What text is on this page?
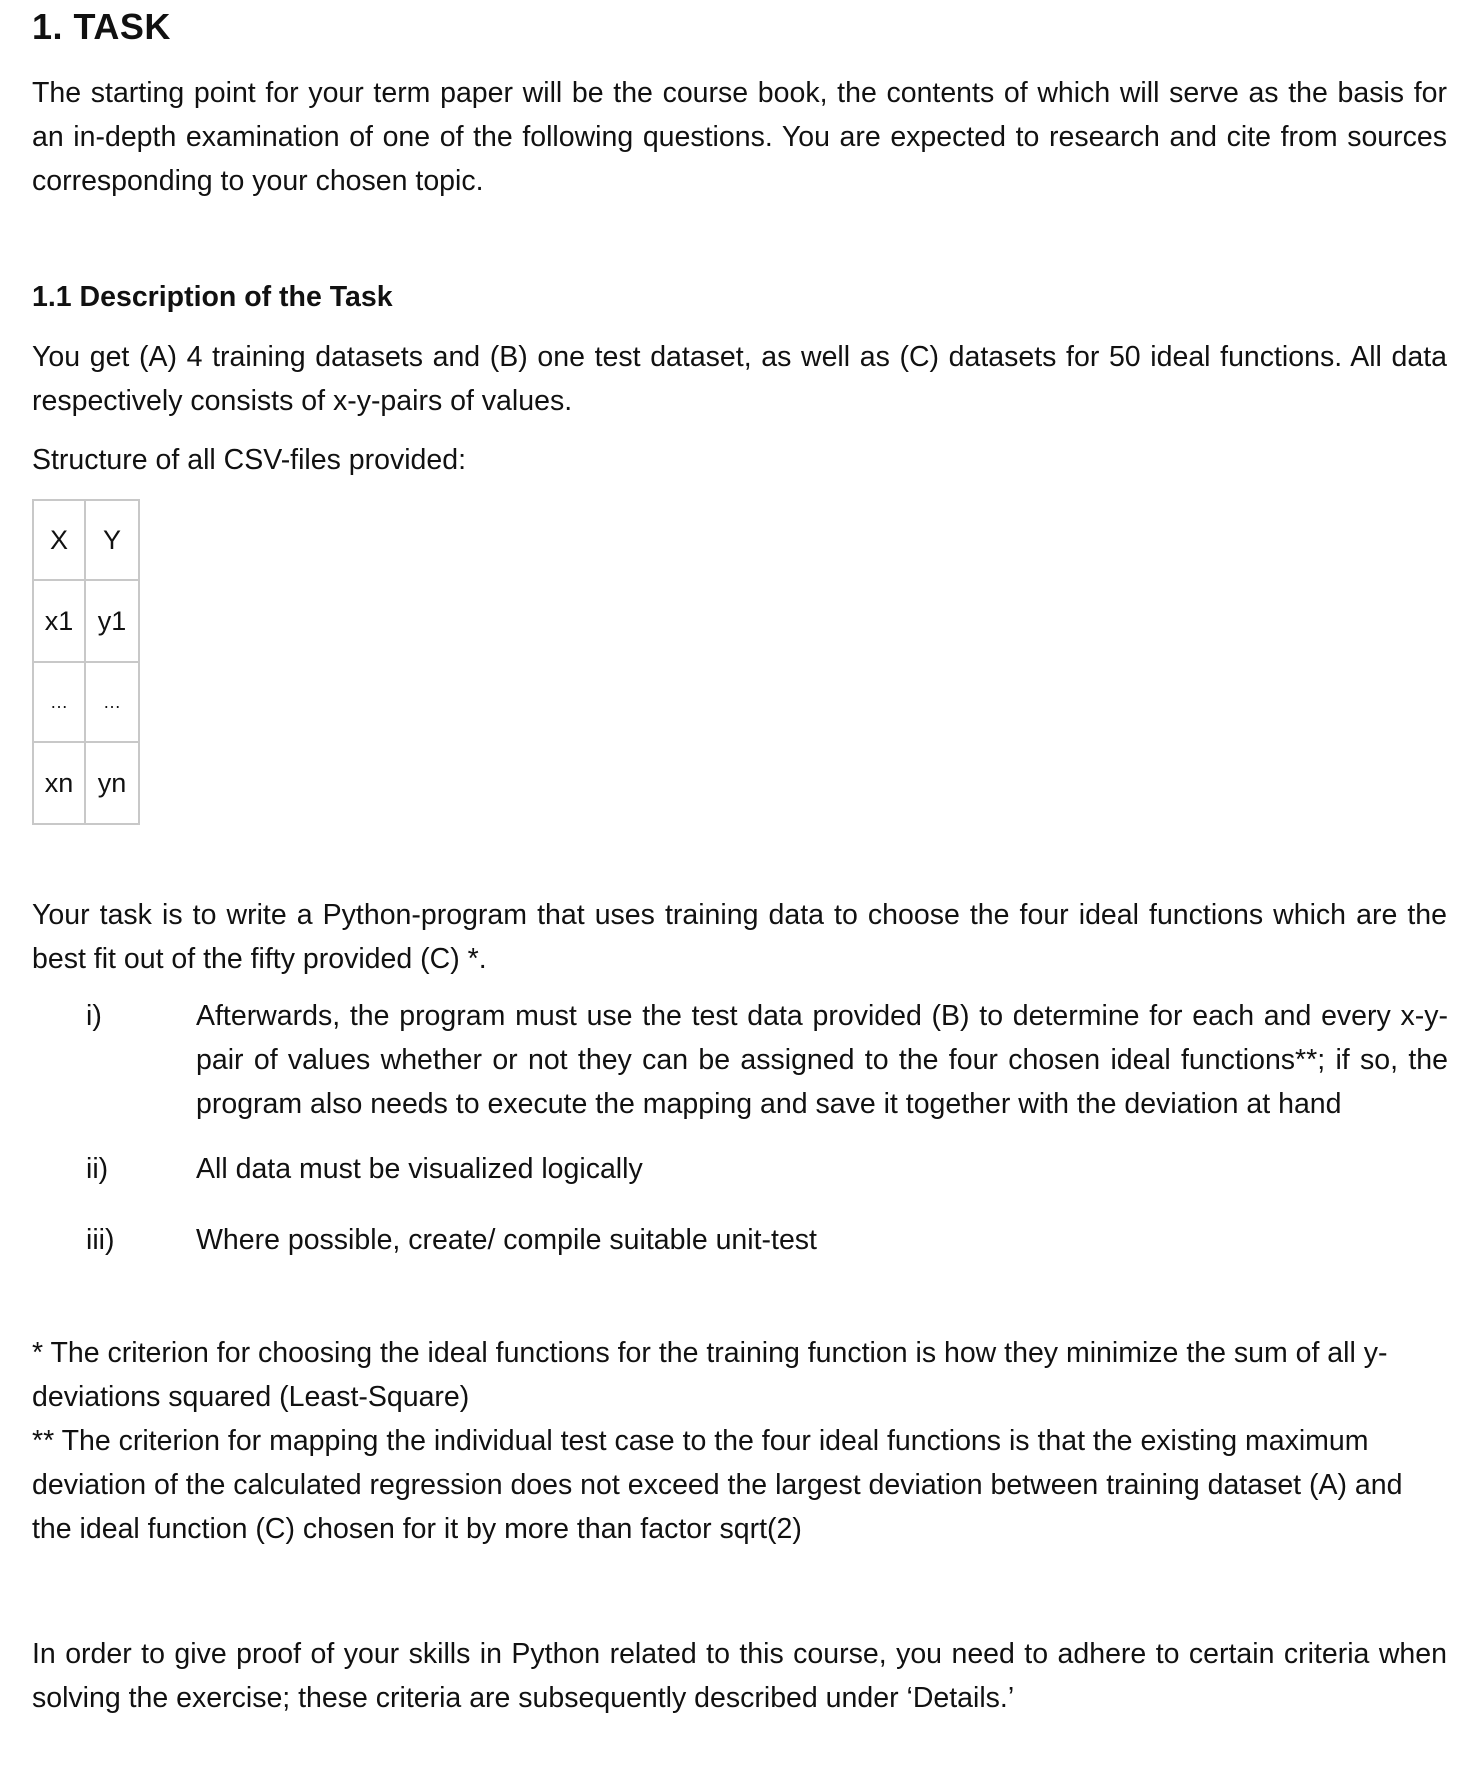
1. TASK
The starting point for your term paper will be the course book, the contents of which will serve as the basis for an in-depth examination of one of the following questions. You are expected to research and cite from sources corresponding to your chosen topic.
1.1 Description of the Task
You get (A) 4 training datasets and (B) one test dataset, as well as (C) datasets for 50 ideal functions. All data respectively consists of x-y-pairs of values.
Structure of all CSV-files provided:
X	Y
x1	y1
…	…
xn	yn
Your task is to write a Python-program that uses training data to choose the four ideal functions which are the best fit out of the fifty provided (C) *.
i)	Afterwards, the program must use the test data provided (B) to determine for each and every x-y-pair of values whether or not they can be assigned to the four chosen ideal functions**; if so, the program also needs to execute the mapping and save it together with the deviation at hand
ii)	All data must be visualized logically
iii)	Where possible, create/ compile suitable unit-test
* The criterion for choosing the ideal functions for the training function is how they minimize the sum of all y-deviations squared (Least-Square)
** The criterion for mapping the individual test case to the four ideal functions is that the existing maximum deviation of the calculated regression does not exceed the largest deviation between training dataset (A) and the ideal function (C) chosen for it by more than factor sqrt(2)
In order to give proof of your skills in Python related to this course, you need to adhere to certain criteria when solving the exercise; these criteria are subsequently described under ‘Details.’
